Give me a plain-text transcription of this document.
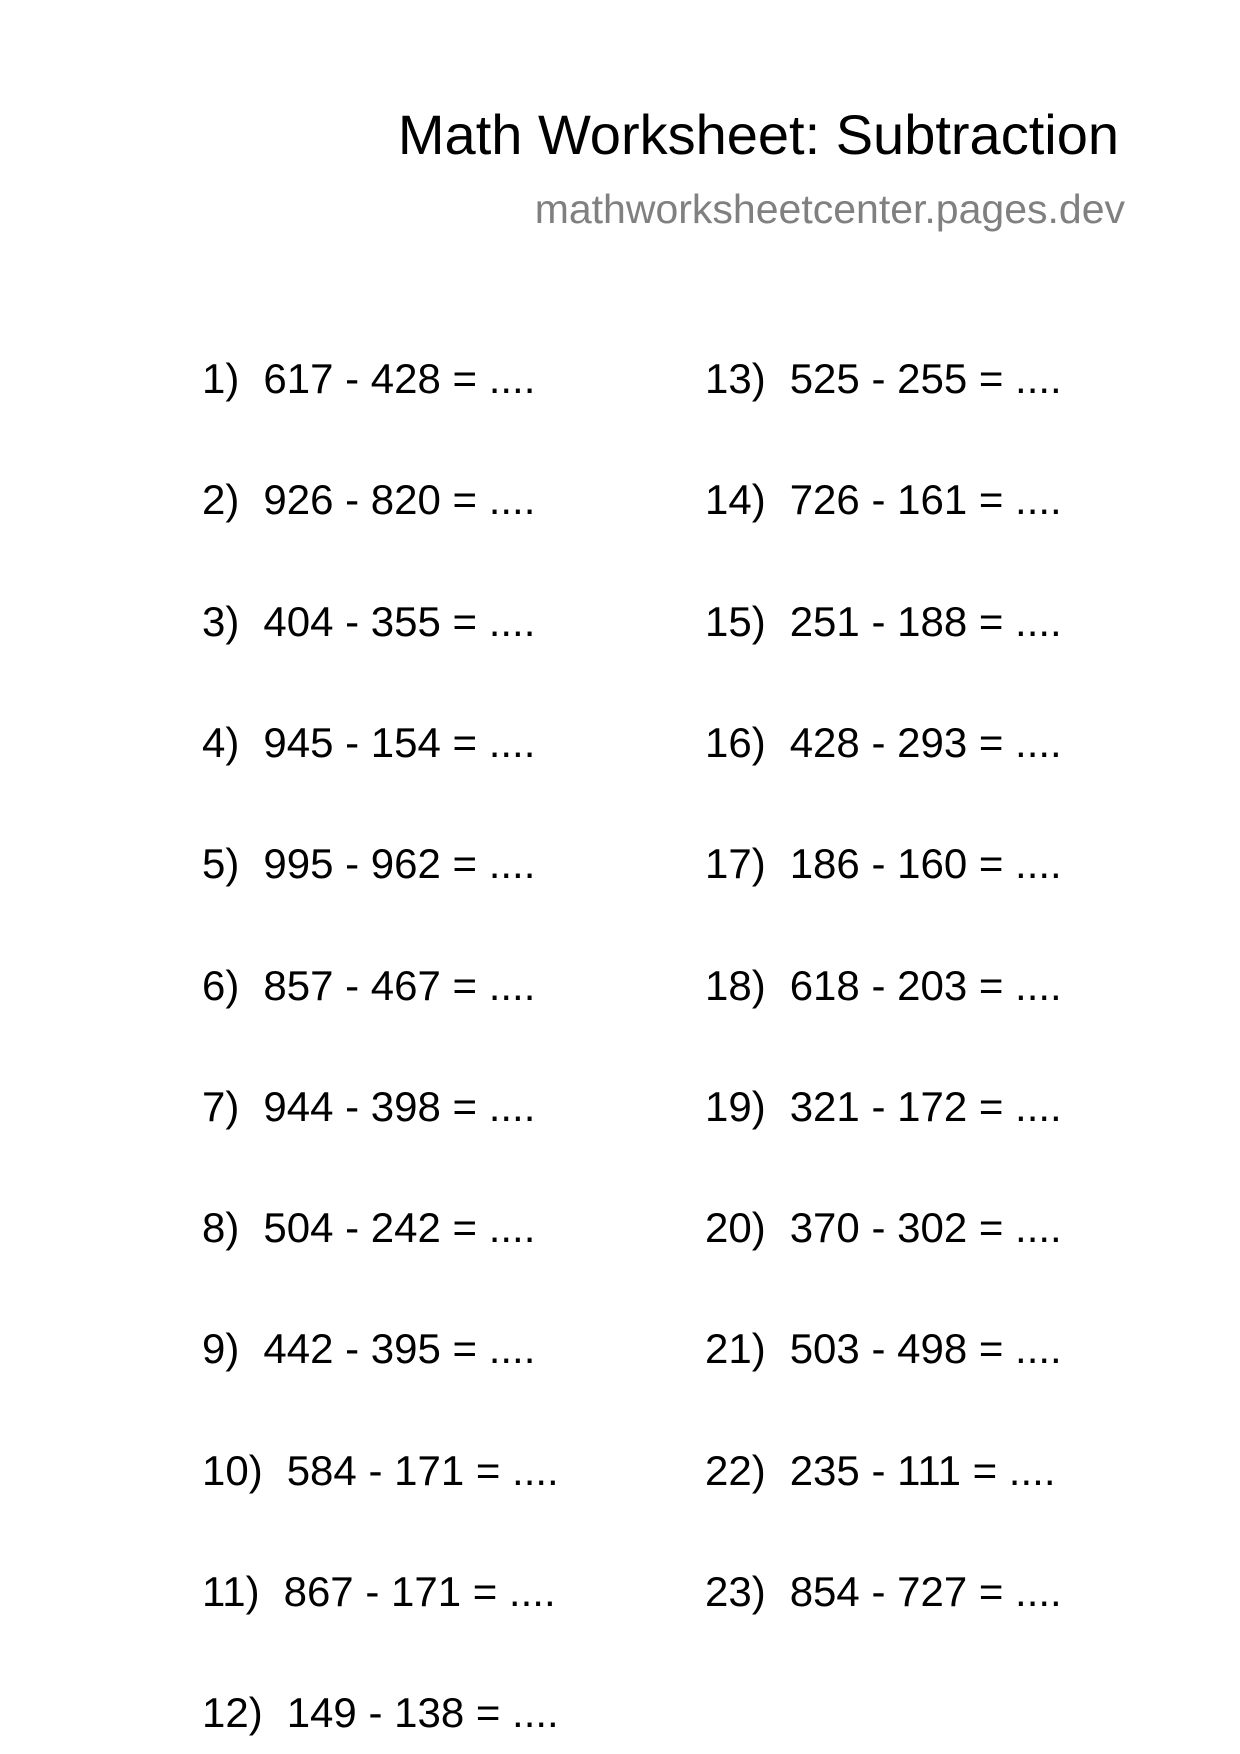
Math Worksheet: Subtraction
mathworksheetcenter.pages.dev
1) 617 - 428 = ....
2) 926 - 820 = ....
3) 404 - 355 = ....
4) 945 - 154 = ....
5) 995 - 962 = ....
6) 857 - 467 = ....
7) 944 - 398 = ....
8) 504 - 242 = ....
9) 442 - 395 = ....
10) 584 - 171 = ....
11) 867 - 171 = ....
12) 149 - 138 = ....
13) 525 - 255 = ....
14) 726 - 161 = ....
15) 251 - 188 = ....
16) 428 - 293 = ....
17) 186 - 160 = ....
18) 618 - 203 = ....
19) 321 - 172 = ....
20) 370 - 302 = ....
21) 503 - 498 = ....
22) 235 - 111 = ....
23) 854 - 727 = ....
